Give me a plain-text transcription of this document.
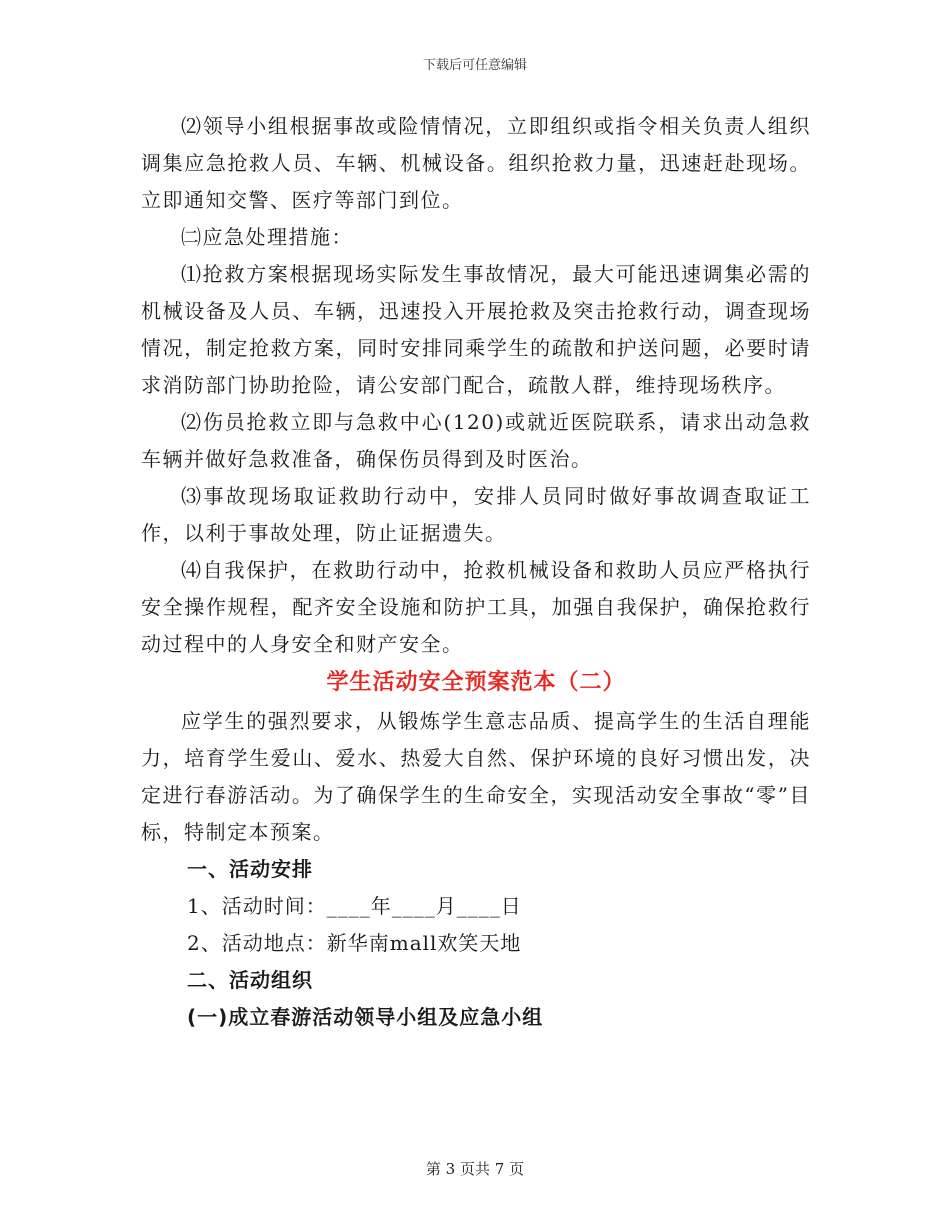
下载后可任意编辑

⑵领导小组根据事故或险情情况，立即组织或指令相关负责人组织调集应急抢救人员、车辆、机械设备。组织抢救力量，迅速赶赴现场。立即通知交警、医疗等部门到位。

㈡应急处理措施：

⑴抢救方案根据现场实际发生事故情况，最大可能迅速调集必需的机械设备及人员、车辆，迅速投入开展抢救及突击抢救行动，调查现场情况，制定抢救方案，同时安排同乘学生的疏散和护送问题，必要时请求消防部门协助抢险，请公安部门配合，疏散人群，维持现场秩序。

⑵伤员抢救立即与急救中心(120)或就近医院联系，请求出动急救车辆并做好急救准备，确保伤员得到及时医治。

⑶事故现场取证救助行动中，安排人员同时做好事故调查取证工作，以利于事故处理，防止证据遗失。

⑷自我保护，在救助行动中，抢救机械设备和救助人员应严格执行安全操作规程，配齐安全设施和防护工具，加强自我保护，确保抢救行动过程中的人身安全和财产安全。

学生活动安全预案范本（二）

应学生的强烈要求，从锻炼学生意志品质、提高学生的生活自理能力，培育学生爱山、爱水、热爱大自然、保护环境的良好习惯出发，决定进行春游活动。为了确保学生的生命安全，实现活动安全事故“零”目标，特制定本预案。

一、活动安排

1、活动时间：____年____月____日

2、活动地点：新华南mall欢笑天地

二、活动组织
(一)成立春游活动领导小组及应急小组
第 3 页共 7 页
